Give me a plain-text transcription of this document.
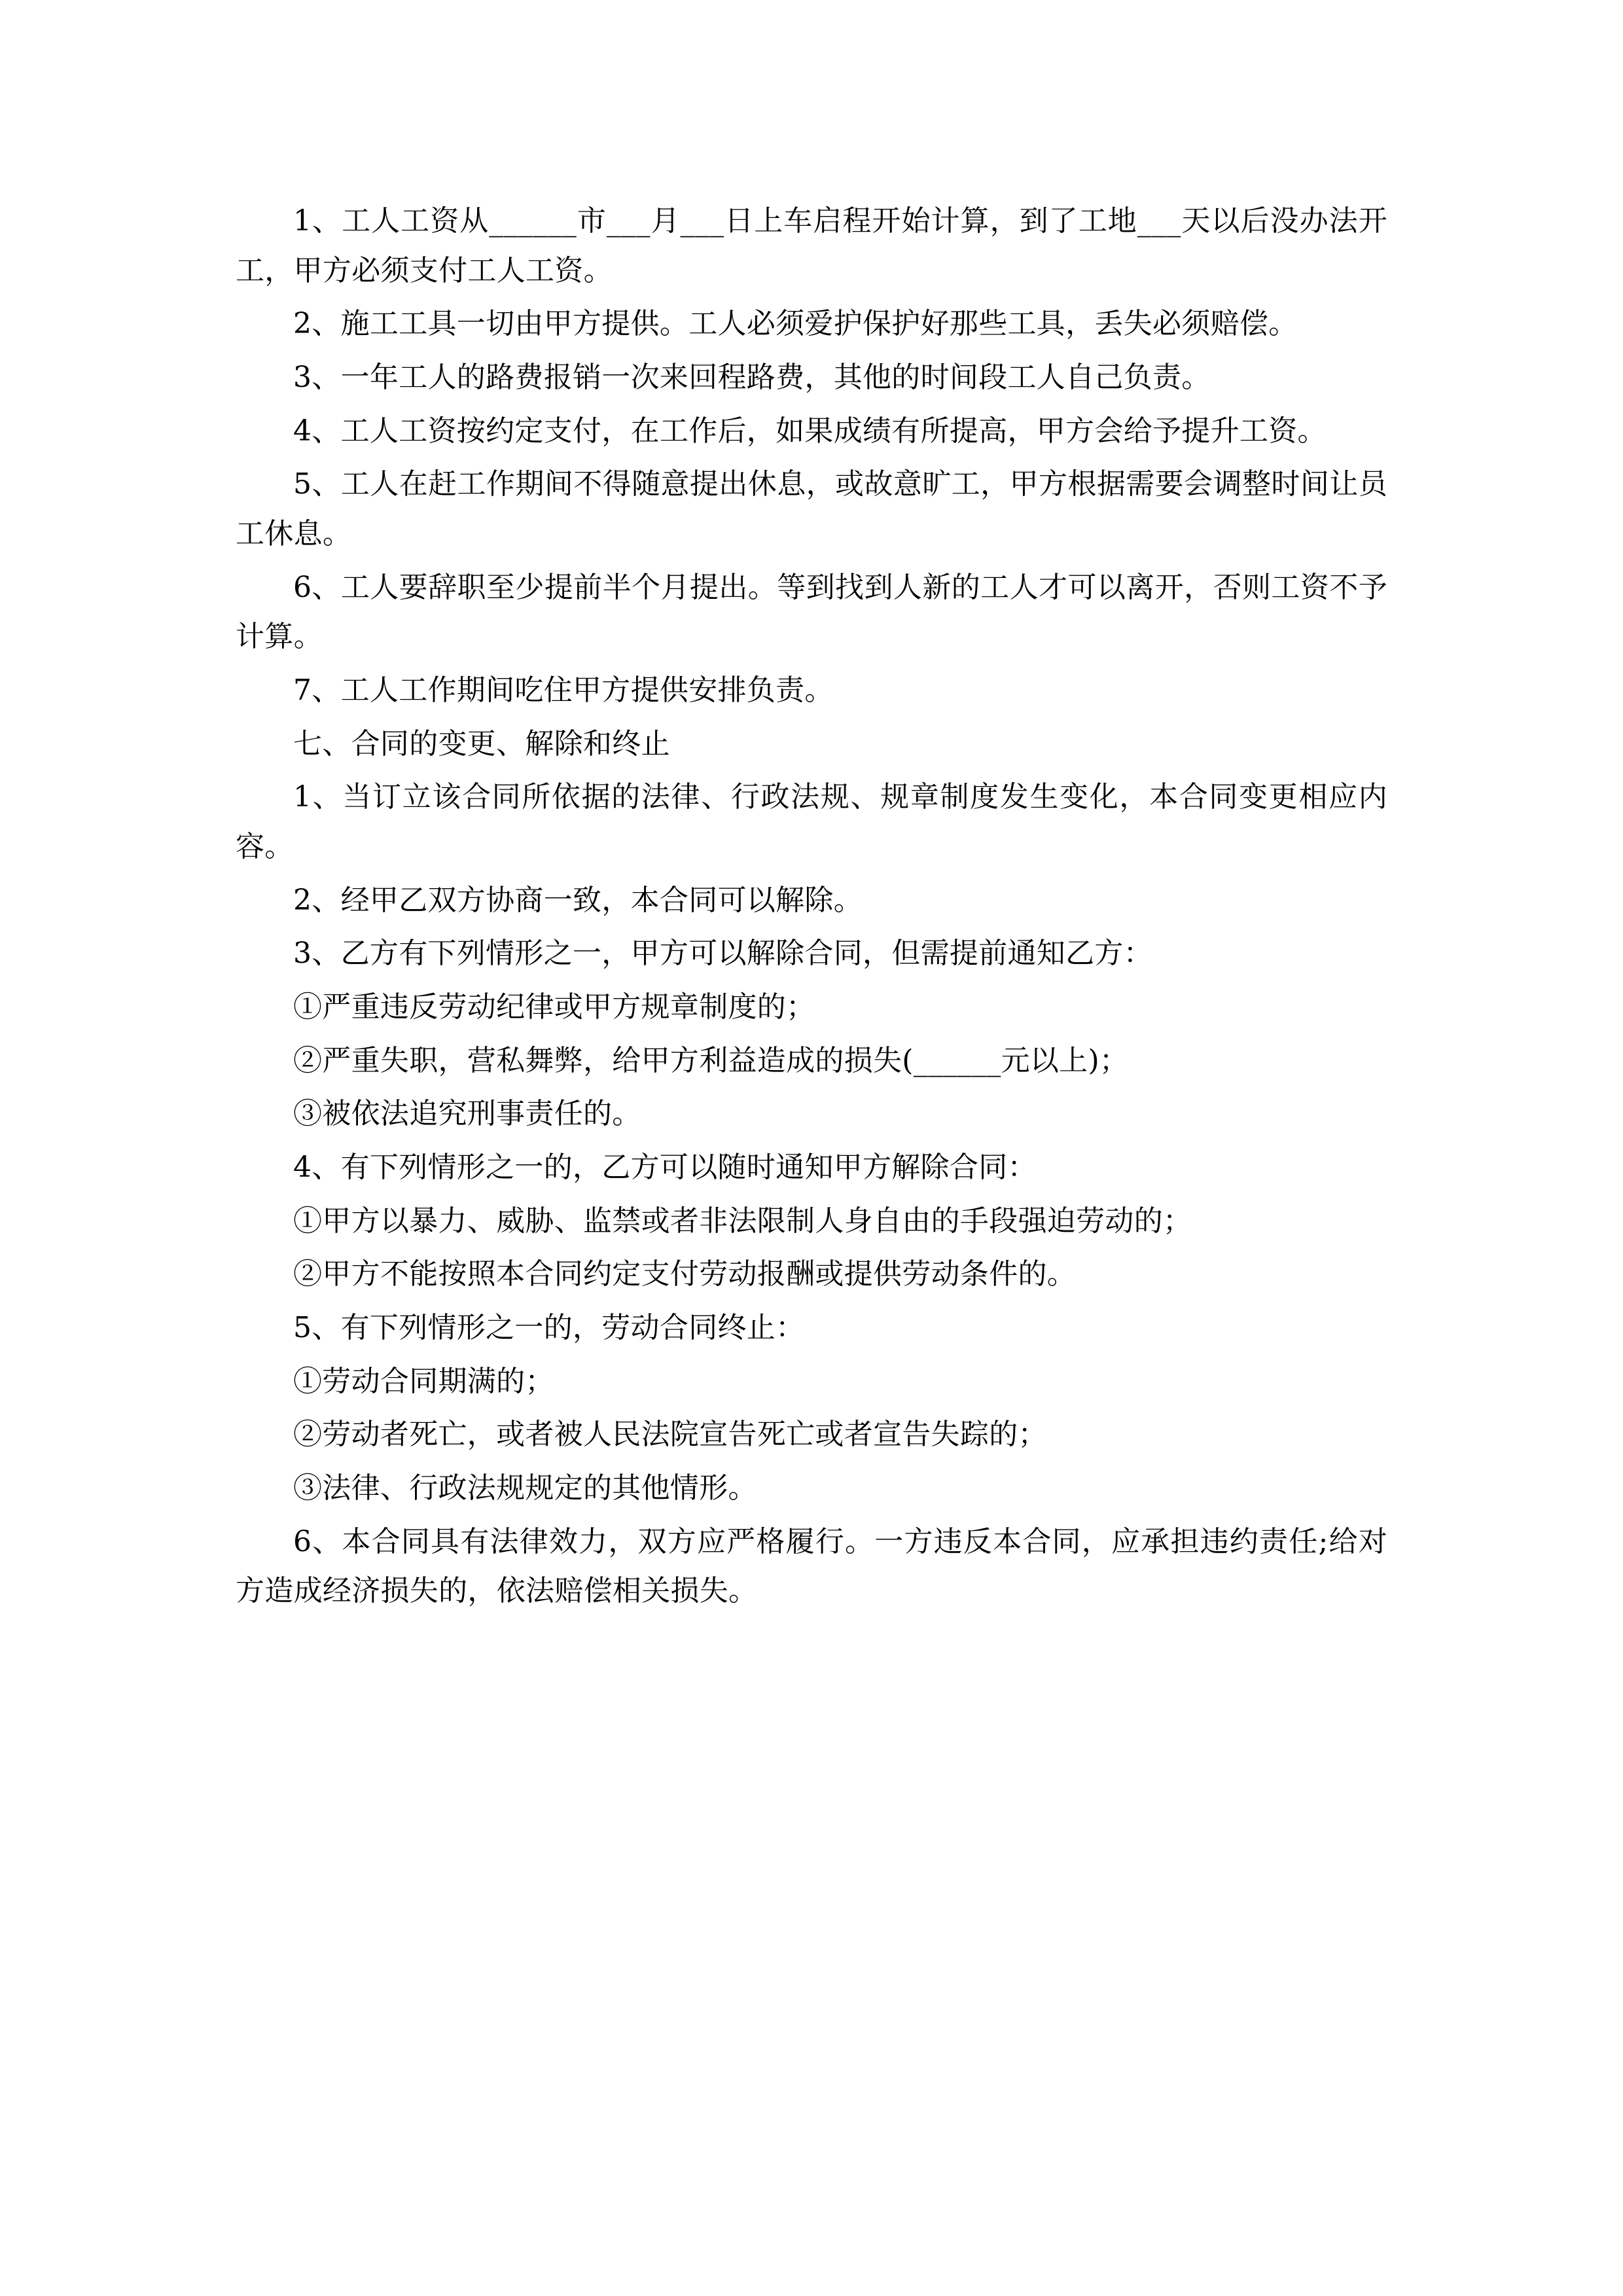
1、工人工资从______市___月___日上车启程开始计算，到了工地___天以后没办法开工，甲方必须支付工人工资。

2、施工工具一切由甲方提供。工人必须爱护保护好那些工具，丢失必须赔偿。

3、一年工人的路费报销一次来回程路费，其他的时间段工人自己负责。

4、工人工资按约定支付，在工作后，如果成绩有所提高，甲方会给予提升工资。

5、工人在赶工作期间不得随意提出休息，或故意旷工，甲方根据需要会调整时间让员工休息。

6、工人要辞职至少提前半个月提出。等到找到人新的工人才可以离开，否则工资不予计算。

7、工人工作期间吃住甲方提供安排负责。

七、合同的变更、解除和终止

1、当订立该合同所依据的法律、行政法规、规章制度发生变化，本合同变更相应内容。

2、经甲乙双方协商一致，本合同可以解除。

3、乙方有下列情形之一，甲方可以解除合同，但需提前通知乙方：

①严重违反劳动纪律或甲方规章制度的；

②严重失职，营私舞弊，给甲方利益造成的损失(______元以上)；

③被依法追究刑事责任的。

4、有下列情形之一的，乙方可以随时通知甲方解除合同：

①甲方以暴力、威胁、监禁或者非法限制人身自由的手段强迫劳动的；

②甲方不能按照本合同约定支付劳动报酬或提供劳动条件的。

5、有下列情形之一的，劳动合同终止：

①劳动合同期满的；

②劳动者死亡，或者被人民法院宣告死亡或者宣告失踪的；

③法律、行政法规规定的其他情形。

6、本合同具有法律效力，双方应严格履行。一方违反本合同，应承担违约责任;给对方造成经济损失的，依法赔偿相关损失。
